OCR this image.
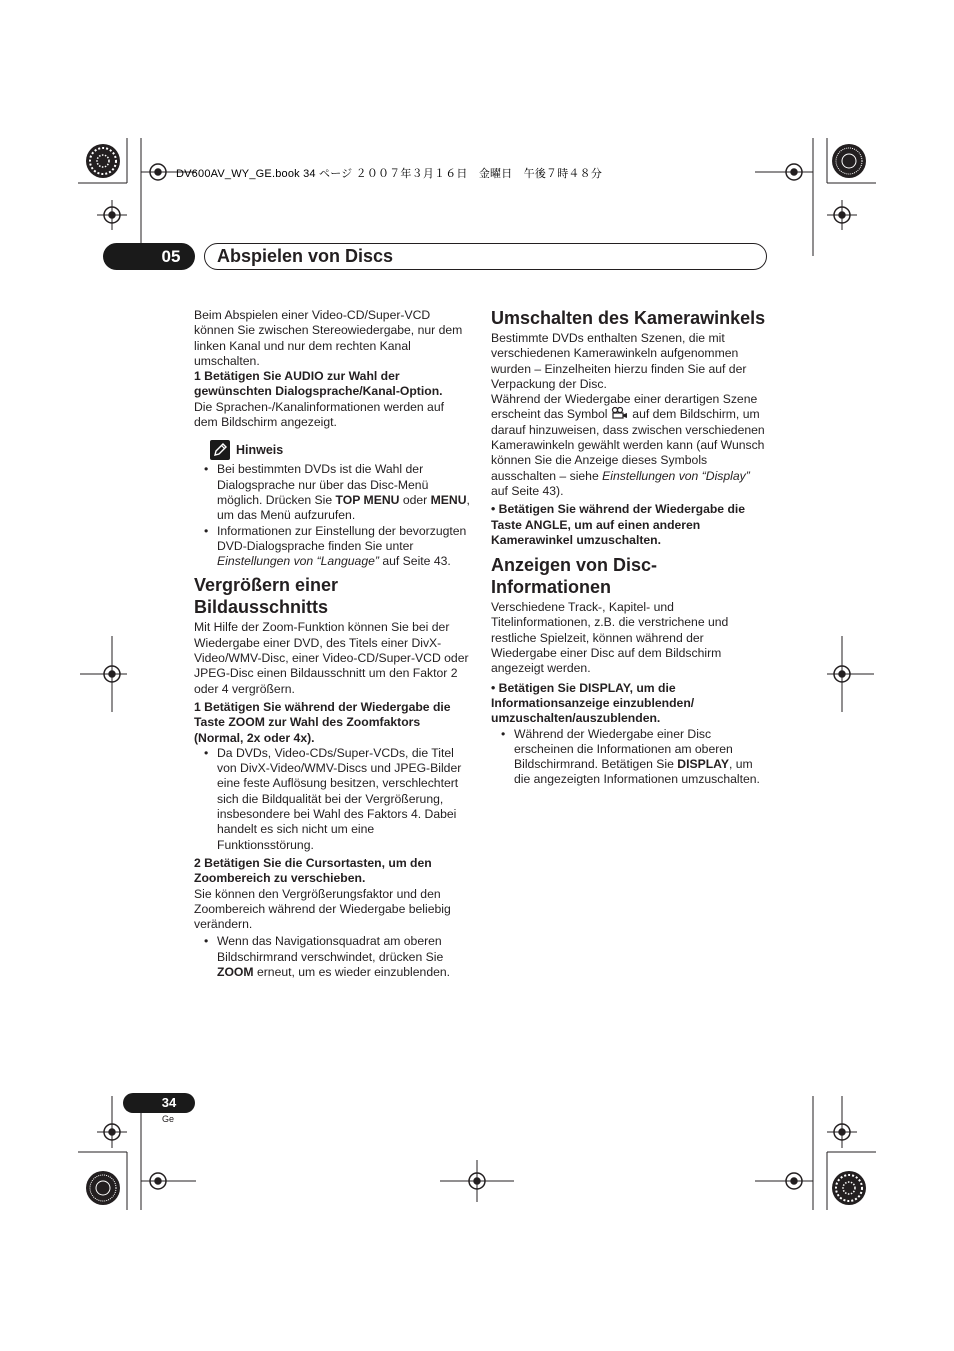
DV600AV_WY_GE.book 34 ページ ２００７年３月１６日　金曜日　午後７時４８分
05	Abspielen von Discs

Beim Abspielen einer Video-CD/Super-VCD können Sie zwischen Stereowiedergabe, nur dem linken Kanal und nur dem rechten Kanal umschalten.

1 Betätigen Sie AUDIO zur Wahl der gewünschten Dialogsprache/Kanal-Option.

Die Sprachen-/Kanalinformationen werden auf dem Bildschirm angezeigt.

Hinweis
• Bei bestimmten DVDs ist die Wahl der Dialogsprache nur über das Disc-Menü möglich. Drücken Sie TOP MENU oder MENU, um das Menü aufzurufen.
• Informationen zur Einstellung der bevorzugten DVD-Dialogsprache finden Sie unter Einstellungen von “Language” auf Seite 43.
Vergrößern einer Bildausschnitts

Mit Hilfe der Zoom-Funktion können Sie bei der Wiedergabe einer DVD, des Titels einer DivX-Video/WMV-Disc, einer Video-CD/Super-VCD oder JPEG-Disc einen Bildausschnitt um den Faktor 2 oder 4 vergrößern.

1 Betätigen Sie während der Wiedergabe die Taste ZOOM zur Wahl des Zoomfaktors (Normal, 2x oder 4x).

• Da DVDs, Video-CDs/Super-VCDs, die Titel von DivX-Video/WMV-Discs und JPEG-Bilder eine feste Auflösung besitzen, verschlechtert sich die Bildqualität bei der Vergrößerung, insbesondere bei Wahl des Faktors 4. Dabei handelt es sich nicht um eine Funktionsstörung.

2 Betätigen Sie die Cursortasten, um den Zoombereich zu verschieben.

Sie können den Vergrößerungsfaktor und den Zoombereich während der Wiedergabe beliebig verändern.

• Wenn das Navigationsquadrat am oberen Bildschirmrand verschwindet, drücken Sie ZOOM erneut, um es wieder einzublenden.
Umschalten des Kamerawinkels

Bestimmte DVDs enthalten Szenen, die mit verschiedenen Kamerawinkeln aufgenommen wurden – Einzelheiten hierzu finden Sie auf der Verpackung der Disc.

Während der Wiedergabe einer derartigen Szene erscheint das Symbol  auf dem Bildschirm, um darauf hinzuweisen, dass zwischen verschiedenen Kamerawinkeln gewählt werden kann (auf Wunsch können Sie die Anzeige dieses Symbols ausschalten – siehe Einstellungen von “Display” auf Seite 43).

• Betätigen Sie während der Wiedergabe die Taste ANGLE, um auf einen anderen Kamerawinkel umzuschalten.

Anzeigen von Disc-Informationen

Verschiedene Track-, Kapitel- und Titelinformationen, z.B. die verstrichene und restliche Spielzeit, können während der Wiedergabe einer Disc auf dem Bildschirm angezeigt werden.

• Betätigen Sie DISPLAY, um die Informationsanzeige einzublenden/ umzuschalten/auszublenden.

• Während der Wiedergabe einer Disc erscheinen die Informationen am oberen Bildschirmrand. Betätigen Sie DISPLAY, um die angezeigten Informationen umzuschalten.
34
Ge
